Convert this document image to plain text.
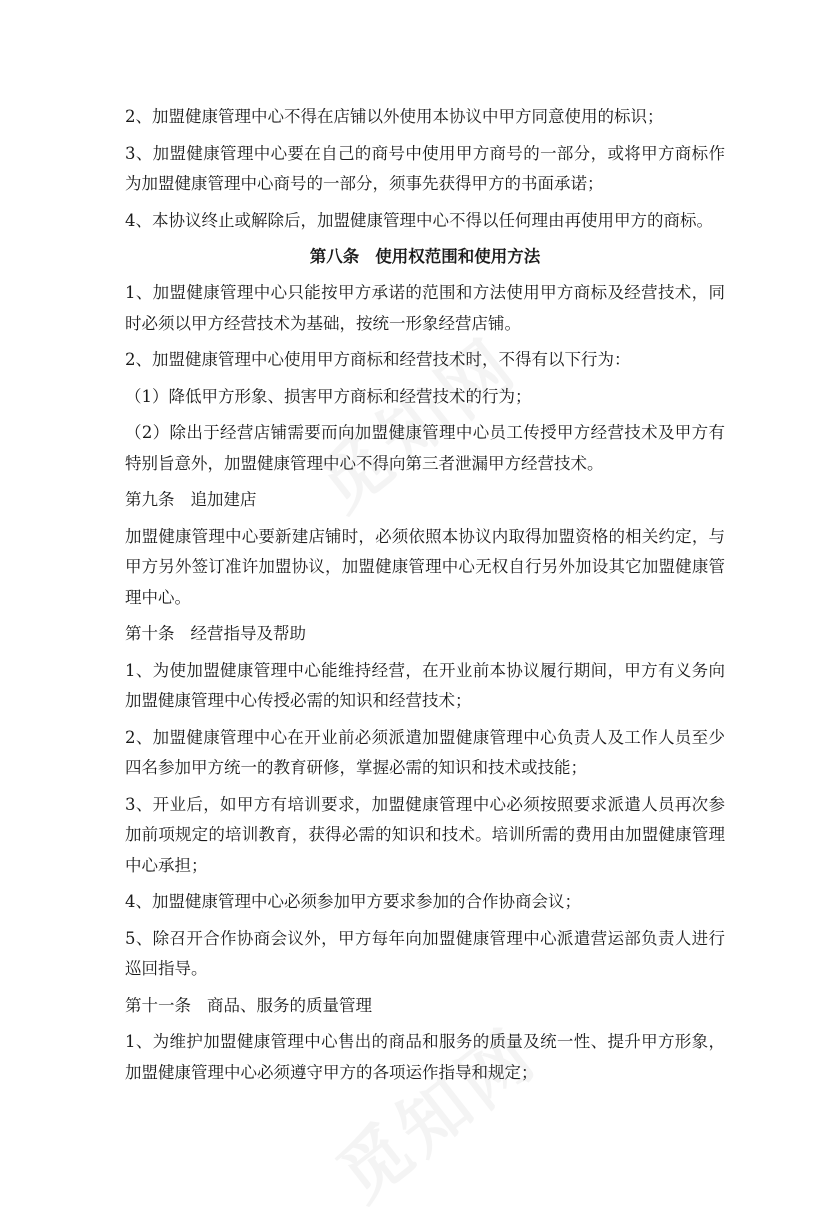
2、加盟健康管理中心不得在店铺以外使用本协议中甲方同意使用的标识；

3、加盟健康管理中心要在自己的商号中使用甲方商号的一部分，或将甲方商标作为加盟健康管理中心商号的一部分，须事先获得甲方的书面承诺；

4、本协议终止或解除后，加盟健康管理中心不得以任何理由再使用甲方的商标。

第八条 使用权范围和使用方法

1、加盟健康管理中心只能按甲方承诺的范围和方法使用甲方商标及经营技术，同时必须以甲方经营技术为基础，按统一形象经营店铺。

2、加盟健康管理中心使用甲方商标和经营技术时，不得有以下行为：

（1）降低甲方形象、损害甲方商标和经营技术的行为；

（2）除出于经营店铺需要而向加盟健康管理中心员工传授甲方经营技术及甲方有特别旨意外，加盟健康管理中心不得向第三者泄漏甲方经营技术。

第九条 追加建店

加盟健康管理中心要新建店铺时，必须依照本协议内取得加盟资格的相关约定，与甲方另外签订准许加盟协议，加盟健康管理中心无权自行另外加设其它加盟健康管理中心。

第十条 经营指导及帮助

1、为使加盟健康管理中心能维持经营，在开业前本协议履行期间，甲方有义务向加盟健康管理中心传授必需的知识和经营技术；

2、加盟健康管理中心在开业前必须派遣加盟健康管理中心负责人及工作人员至少四名参加甲方统一的教育研修，掌握必需的知识和技术或技能；

3、开业后，如甲方有培训要求，加盟健康管理中心必须按照要求派遣人员再次参加前项规定的培训教育，获得必需的知识和技术。培训所需的费用由加盟健康管理中心承担；

4、加盟健康管理中心必须参加甲方要求参加的合作协商会议；

5、除召开合作协商会议外，甲方每年向加盟健康管理中心派遣营运部负责人进行巡回指导。

第十一条 商品、服务的质量管理

1、为维护加盟健康管理中心售出的商品和服务的质量及统一性、提升甲方形象，加盟健康管理中心必须遵守甲方的各项运作指导和规定；
